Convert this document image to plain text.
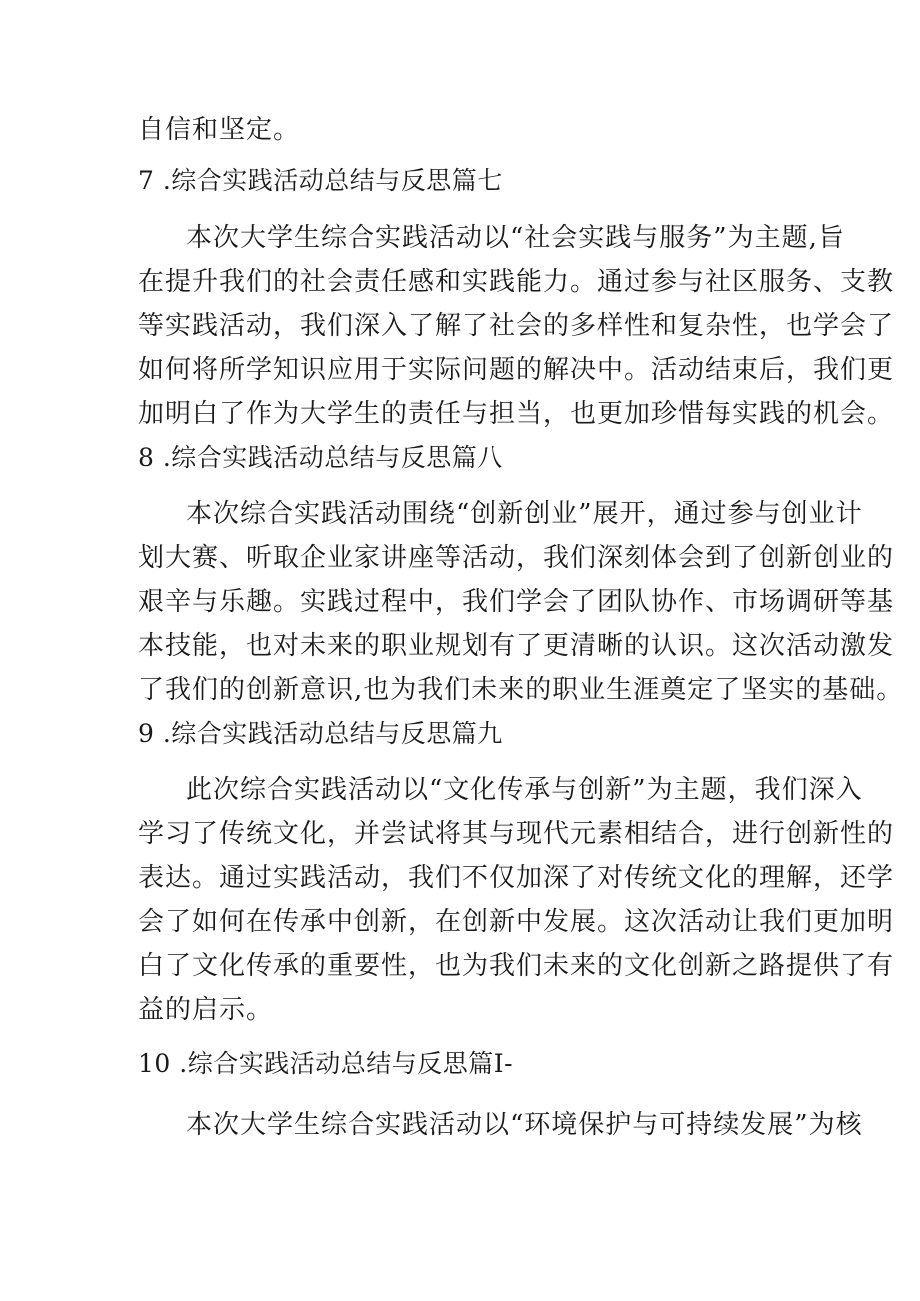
自信和坚定。
7 .综合实践活动总结与反思篇七
本次大学生综合实践活动以“社会实践与服务”为主题,旨
在提升我们的社会责任感和实践能力。通过参与社区服务、支教
等实践活动，我们深入了解了社会的多样性和复杂性，也学会了
如何将所学知识应用于实际问题的解决中。活动结束后，我们更
加明白了作为大学生的责任与担当，也更加珍惜每实践的机会。
8 .综合实践活动总结与反思篇八
本次综合实践活动围绕“创新创业”展开，通过参与创业计
划大赛、听取企业家讲座等活动，我们深刻体会到了创新创业的
艰辛与乐趣。实践过程中，我们学会了团队协作、市场调研等基
本技能，也对未来的职业规划有了更清晰的认识。这次活动激发
了我们的创新意识,也为我们未来的职业生涯奠定了坚实的基础。
9 .综合实践活动总结与反思篇九
此次综合实践活动以“文化传承与创新”为主题，我们深入
学习了传统文化，并尝试将其与现代元素相结合，进行创新性的
表达。通过实践活动，我们不仅加深了对传统文化的理解，还学
会了如何在传承中创新，在创新中发展。这次活动让我们更加明
白了文化传承的重要性，也为我们未来的文化创新之路提供了有
益的启示。
10 .综合实践活动总结与反思篇I-
本次大学生综合实践活动以“环境保护与可持续发展”为核
